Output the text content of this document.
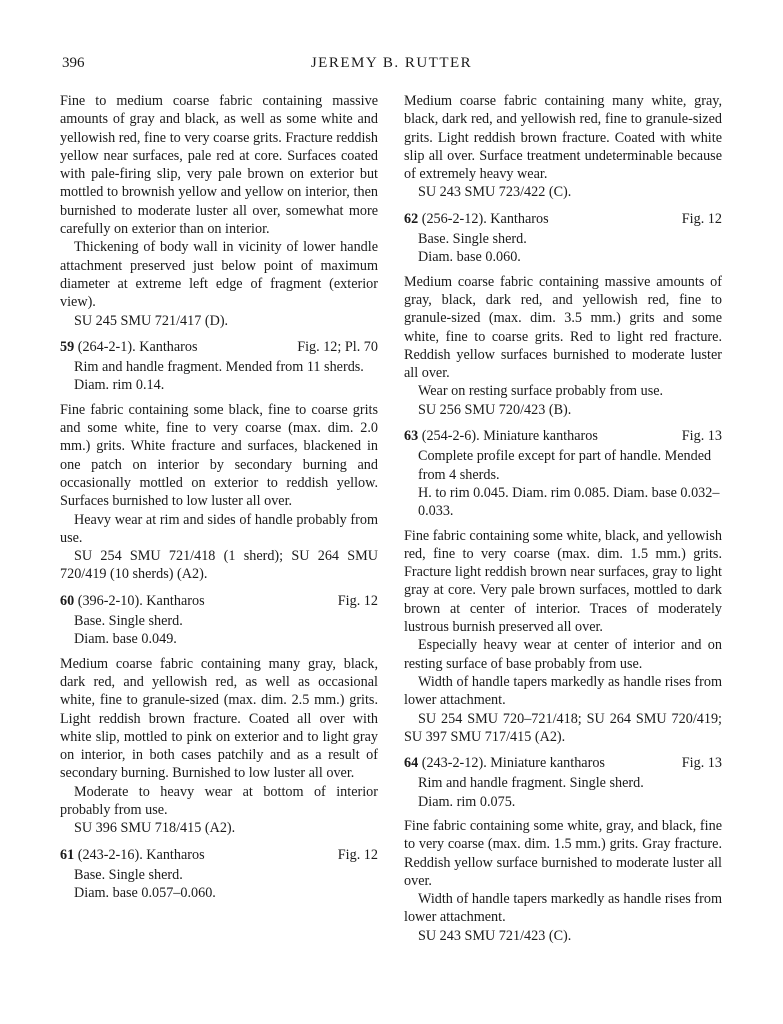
396	JEREMY B. RUTTER

Fine to medium coarse fabric containing massive amounts of gray and black, as well as some white and yellowish red, fine to very coarse grits. Fracture reddish yellow near surfaces, pale red at core. Surfaces coated with pale-firing slip, very pale brown on exterior but mottled to brownish yellow and yellow on interior, then burnished to moderate luster all over, somewhat more carefully on exterior than on interior.

Thickening of body wall in vicinity of lower handle attachment preserved just below point of maximum diameter at extreme left edge of fragment (exterior view).

SU 245 SMU 721/417 (D).

59 (264-2-1). Kantharos	Fig. 12; Pl. 70

Rim and handle fragment. Mended from 11 sherds.

Diam. rim 0.14.

Fine fabric containing some black, fine to coarse grits and some white, fine to very coarse (max. dim. 2.0 mm.) grits. White fracture and surfaces, blackened in one patch on interior by secondary burning and occasionally mottled on exterior to reddish yellow. Surfaces burnished to low luster all over.

Heavy wear at rim and sides of handle probably from use.

SU 254 SMU 721/418 (1 sherd); SU 264 SMU 720/419 (10 sherds) (A2).

60 (396-2-10). Kantharos	Fig. 12

Base. Single sherd.

Diam. base 0.049.

Medium coarse fabric containing many gray, black, dark red, and yellowish red, as well as occasional white, fine to granule-sized (max. dim. 2.5 mm.) grits. Light reddish brown fracture. Coated all over with white slip, mottled to pink on exterior and to light gray on interior, in both cases patchily and as a result of secondary burning. Burnished to low luster all over.

Moderate to heavy wear at bottom of interior probably from use.

SU 396 SMU 718/415 (A2).

61 (243-2-16). Kantharos	Fig. 12

Base. Single sherd.

Diam. base 0.057–0.060.

Medium coarse fabric containing many white, gray, black, dark red, and yellowish red, fine to granule-sized grits. Light reddish brown fracture. Coated with white slip all over. Surface treatment undeterminable because of extremely heavy wear.

SU 243 SMU 723/422 (C).

62 (256-2-12). Kantharos	Fig. 12

Base. Single sherd.

Diam. base 0.060.

Medium coarse fabric containing massive amounts of gray, black, dark red, and yellowish red, fine to granule-sized (max. dim. 3.5 mm.) grits and some white, fine to coarse grits. Red to light red fracture. Reddish yellow surfaces burnished to moderate luster all over.

Wear on resting surface probably from use.

SU 256 SMU 720/423 (B).

63 (254-2-6). Miniature kantharos	Fig. 13

Complete profile except for part of handle. Mended from 4 sherds.

H. to rim 0.045. Diam. rim 0.085. Diam. base 0.032–0.033.

Fine fabric containing some white, black, and yellowish red, fine to very coarse (max. dim. 1.5 mm.) grits. Fracture light reddish brown near surfaces, gray to light gray at core. Very pale brown surfaces, mottled to dark brown at center of interior. Traces of moderately lustrous burnish preserved all over.

Especially heavy wear at center of interior and on resting surface of base probably from use.

Width of handle tapers markedly as handle rises from lower attachment.

SU 254 SMU 720–721/418; SU 264 SMU 720/419; SU 397 SMU 717/415 (A2).

64 (243-2-12). Miniature kantharos	Fig. 13

Rim and handle fragment. Single sherd.

Diam. rim 0.075.

Fine fabric containing some white, gray, and black, fine to very coarse (max. dim. 1.5 mm.) grits. Gray fracture. Reddish yellow surface burnished to moderate luster all over.

Width of handle tapers markedly as handle rises from lower attachment.

SU 243 SMU 721/423 (C).
